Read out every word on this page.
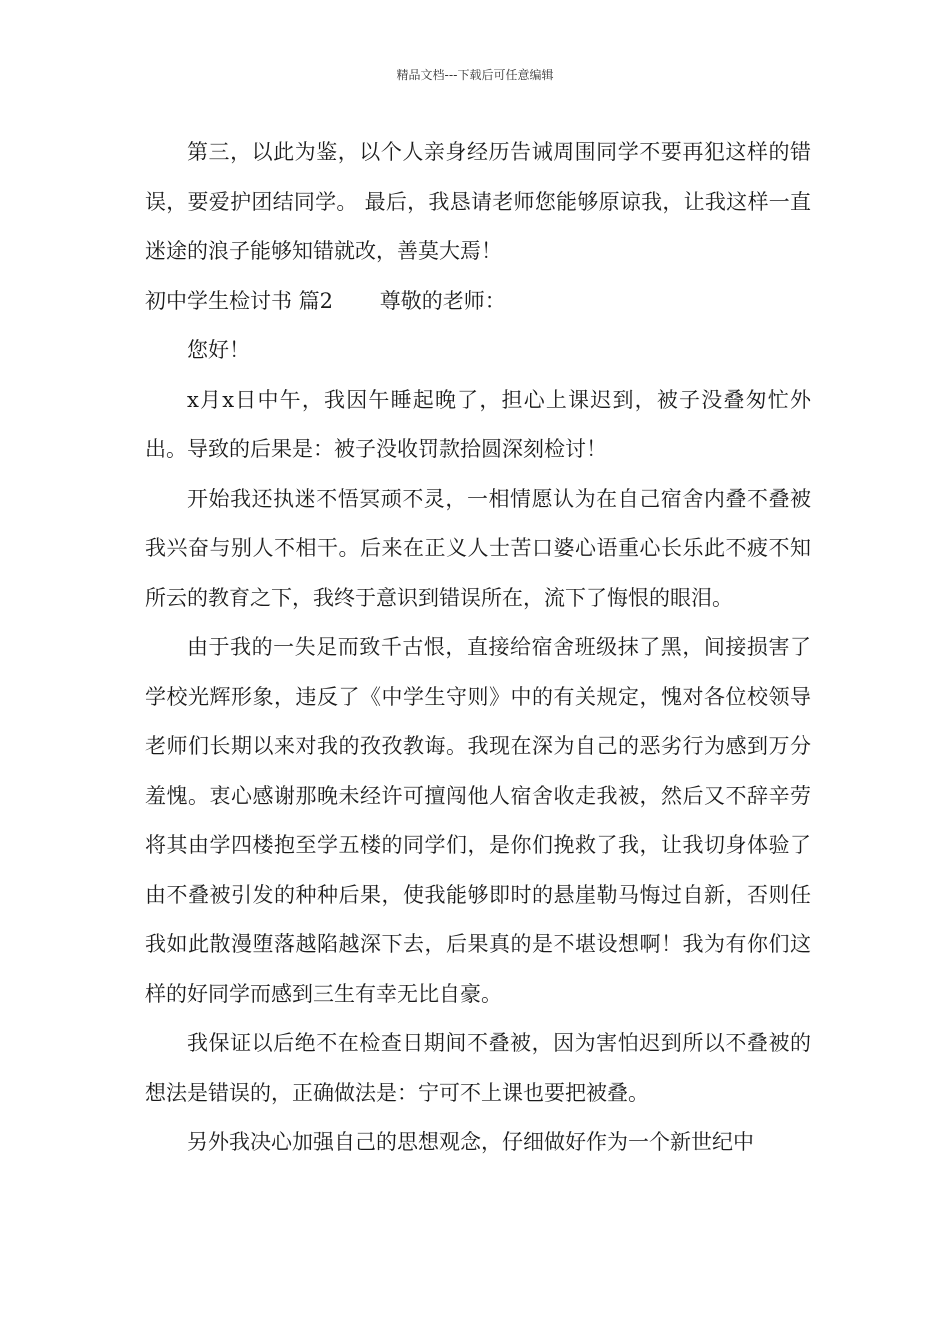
精品文档---下载后可任意编辑

第三，以此为鉴，以个人亲身经历告诫周围同学不要再犯这样的错误，要爱护团结同学。 最后，我恳请老师您能够原谅我，让我这样一直迷途的浪子能够知错就改，善莫大焉！

初中学生检讨书 篇2       尊敬的老师：

您好！

x月x日中午，我因午睡起晚了，担心上课迟到，被子没叠匆忙外出。导致的后果是：被子没收罚款拾圆深刻检讨！

开始我还执迷不悟冥顽不灵，一相情愿认为在自己宿舍内叠不叠被我兴奋与别人不相干。后来在正义人士苦口婆心语重心长乐此不疲不知所云的教育之下，我终于意识到错误所在，流下了悔恨的眼泪。

由于我的一失足而致千古恨，直接给宿舍班级抹了黑，间接损害了学校光辉形象，违反了《中学生守则》中的有关规定，愧对各位校领导老师们长期以来对我的孜孜教诲。我现在深为自己的恶劣行为感到万分羞愧。衷心感谢那晚未经许可擅闯他人宿舍收走我被，然后又不辞辛劳将其由学四楼抱至学五楼的同学们，是你们挽救了我，让我切身体验了由不叠被引发的种种后果，使我能够即时的悬崖勒马悔过自新，否则任我如此散漫堕落越陷越深下去，后果真的是不堪设想啊！我为有你们这样的好同学而感到三生有幸无比自豪。

我保证以后绝不在检查日期间不叠被，因为害怕迟到所以不叠被的想法是错误的，正确做法是：宁可不上课也要把被叠。

另外我决心加强自己的思想观念，仔细做好作为一个新世纪中
